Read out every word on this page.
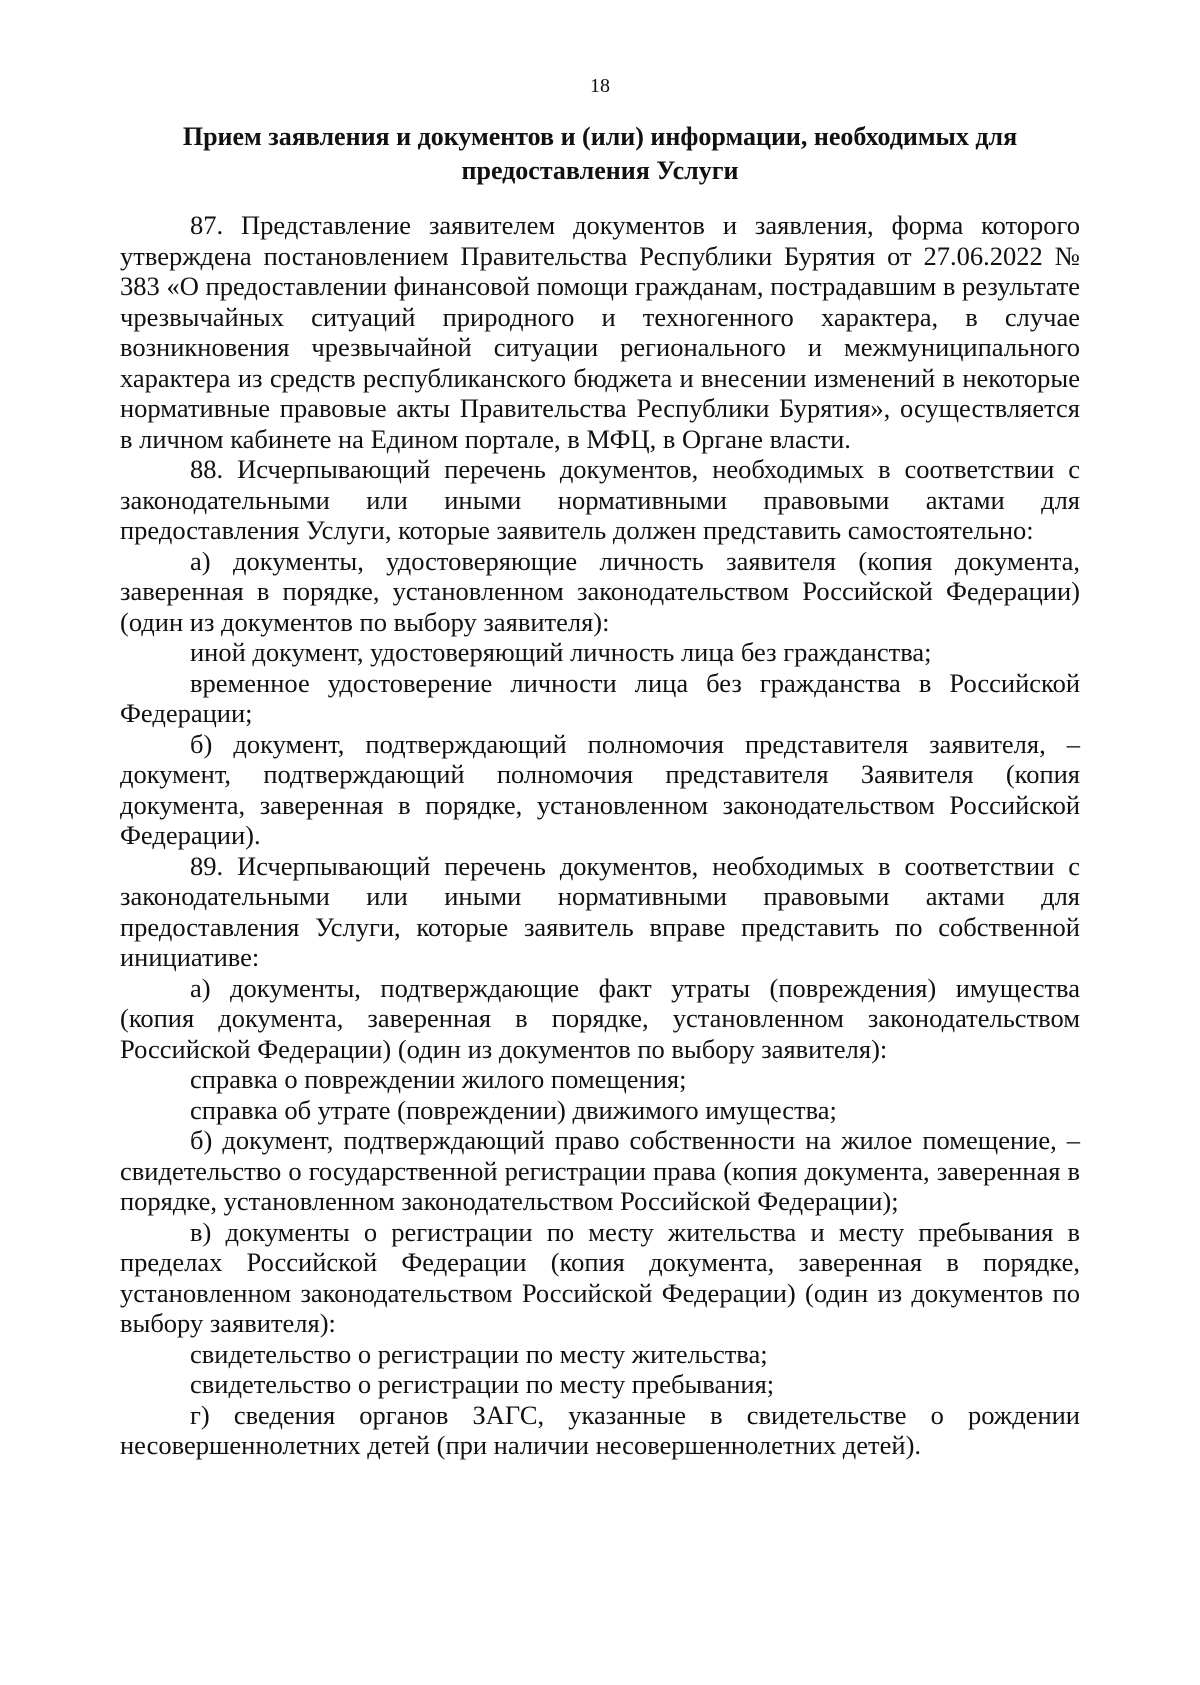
18
Прием заявления и документов и (или) информации, необходимых для
предоставления Услуги

87. Представление заявителем документов и заявления, форма которого утверждена постановлением Правительства Республики Бурятия от 27.06.2022 № 383 «О предоставлении финансовой помощи гражданам, пострадавшим в результате чрезвычайных ситуаций природного и техногенного характера, в случае возникновения чрезвычайной ситуации регионального и межмуниципального характера из средств республиканского бюджета и внесении изменений в некоторые нормативные правовые акты Правительства Республики Бурятия», осуществляется в личном кабинете на Едином портале, в МФЦ, в Органе власти.

88. Исчерпывающий перечень документов, необходимых в соответствии с законодательными или иными нормативными правовыми актами для предоставления Услуги, которые заявитель должен представить самостоятельно:

а) документы, удостоверяющие личность заявителя (копия документа, заверенная в порядке, установленном законодательством Российской Федерации) (один из документов по выбору заявителя):

иной документ, удостоверяющий личность лица без гражданства;

временное удостоверение личности лица без гражданства в Российской Федерации;

б) документ, подтверждающий полномочия представителя заявителя, – документ, подтверждающий полномочия представителя Заявителя (копия документа, заверенная в порядке, установленном законодательством Российской Федерации).

89. Исчерпывающий перечень документов, необходимых в соответствии с законодательными или иными нормативными правовыми актами для предоставления Услуги, которые заявитель вправе представить по собственной инициативе:

а) документы, подтверждающие факт утраты (повреждения) имущества (копия документа, заверенная в порядке, установленном законодательством Российской Федерации) (один из документов по выбору заявителя):

справка о повреждении жилого помещения;

справка об утрате (повреждении) движимого имущества;

б) документ, подтверждающий право собственности на жилое помещение, – свидетельство о государственной регистрации права (копия документа, заверенная в порядке, установленном законодательством Российской Федерации);

в) документы о регистрации по месту жительства и месту пребывания в пределах Российской Федерации (копия документа, заверенная в порядке, установленном законодательством Российской Федерации) (один из документов по выбору заявителя):

свидетельство о регистрации по месту жительства;

свидетельство о регистрации по месту пребывания;

г) сведения органов ЗАГС, указанные в свидетельстве о рождении несовершеннолетних детей (при наличии несовершеннолетних детей).
